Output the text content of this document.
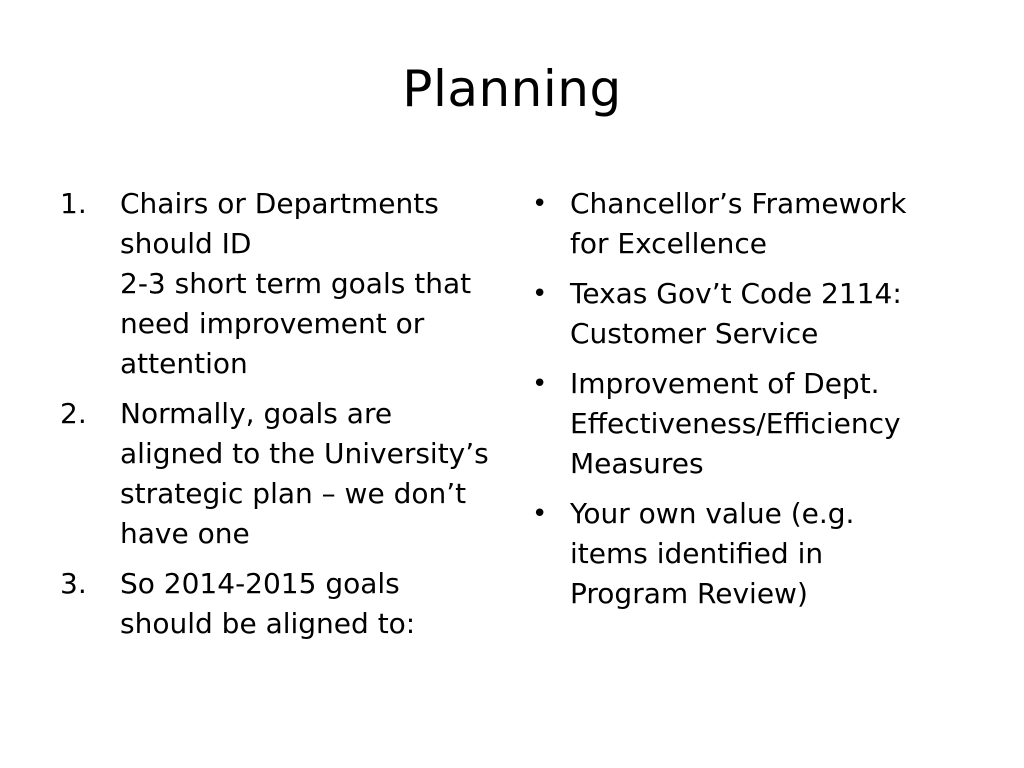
Planning
1. Chairs or Departments
should ID
2-3 short term goals that
need improvement or
attention
2. Normally, goals are
aligned to the University’s
strategic plan – we don’t
have one
3. So 2014-2015 goals
should be aligned to:
• Chancellor’s Framework
for Excellence
• Texas Gov’t Code 2114:
Customer Service
• Improvement of Dept.
Effectiveness/Efficiency
Measures
• Your own value (e.g.
items identified in
Program Review)
